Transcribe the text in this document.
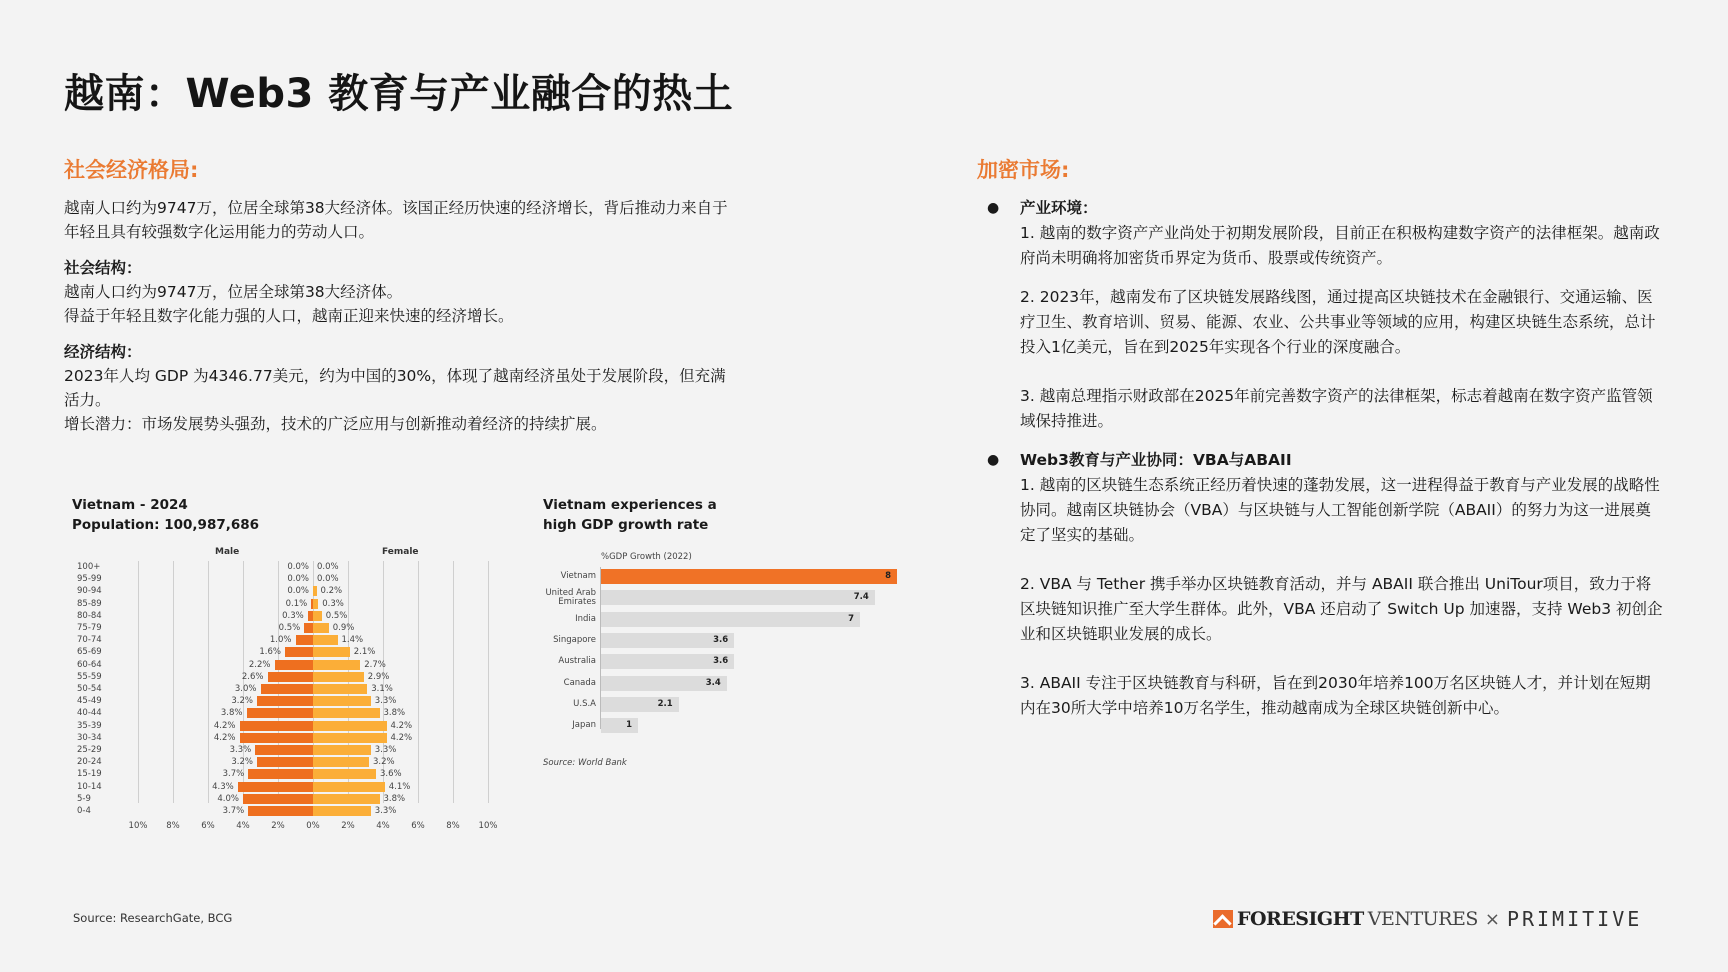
越南：Web3 教育与产业融合的热土
社会经济格局:

越南人口约为9747万，位居全球第38大经济体。该国正经历快速的经济增长，背后推动力来自于

年轻且具有较强数字化运用能力的劳动人口。

社会结构：

越南人口约为9747万，位居全球第38大经济体。

得益于年轻且数字化能力强的人口，越南正迎来快速的经济增长。

经济结构：

2023年人均 GDP 为4346.77美元，约为中国的30%，体现了越南经济虽处于发展阶段，但充满

活力。

增长潜力：市场发展势头强劲，技术的广泛应用与创新推动着经济的持续扩展。

加密市场:
● 产业环境：

1. 越南的数字资产产业尚处于初期发展阶段，目前正在积极构建数字资产的法律框架。越南政府尚未明确将加密货币界定为货币、股票或传统资产。

2. 2023年，越南发布了区块链发展路线图，通过提高区块链技术在金融银行、交通运输、医疗卫生、教育培训、贸易、能源、农业、公共事业等领域的应用，构建区块链生态系统，总计投入1亿美元，旨在到2025年实现各个行业的深度融合。

3. 越南总理指示财政部在2025年前完善数字资产的法律框架，标志着越南在数字资产监管领域保持推进。

● Web3教育与产业协同：VBA与ABAII

1. 越南的区块链生态系统正经历着快速的蓬勃发展，这一进程得益于教育与产业发展的战略性协同。越南区块链协会（VBA）与区块链与人工智能创新学院（ABAII）的努力为这一进展奠定了坚实的基础。

2. VBA 与 Tether 携手举办区块链教育活动，并与 ABAII 联合推出 UniTour项目，致力于将区块链知识推广至大学生群体。此外，VBA 还启动了 Switch Up 加速器，支持 Web3 初创企业和区块链职业发展的成长。

3. ABAII 专注于区块链教育与科研，旨在到2030年培养100万名区块链人才，并计划在短期内在30所大学中培养10万名学生，推动越南成为全球区块链创新中心。

Vietnam - 2024
Population: 100,987,686
Male	Female
10% 8%	6%	4%	2%	0%	2%	4%	6%	8% 10%
100+	0.0% 0.0%
95-99	0.0% 0.0%
90-94	0.0% 0.2%
85-89	0.1% 0.3%
80-84	0.3%	0.5%
75-79	0.5%	0.9%
70-74	1.0%	1.4%
65-69	1.6%	2.1%
60-64	2.2%	2.7%
55-59	2.6%	2.9%
50-54	3.0%	3.1%
45-49	3.2%	3.3%
40-44	3.8%	3.8%
35-39	4.2%	4.2%
30-34	4.2%	4.2%
25-29	3.3%	3.3%
20-24	3.2%	3.2%
15-19	3.7%	3.6%
10-14	4.3%	4.1%
5-9	4.0%	3.8%
0-4	3.7%	3.3%
Vietnam experiences a high GDP growth rate
%GDP Growth (2022)
Vietnam	8
United Arab
Emirates	7.4
India	7
Singapore	3.6
Australia	3.6
Canada	3.4
U.S.A	2.1
Japan	1
Source: World Bank
Source: ResearchGate, BCG	FORESIGHT VENTURES × PRIMITIVE
